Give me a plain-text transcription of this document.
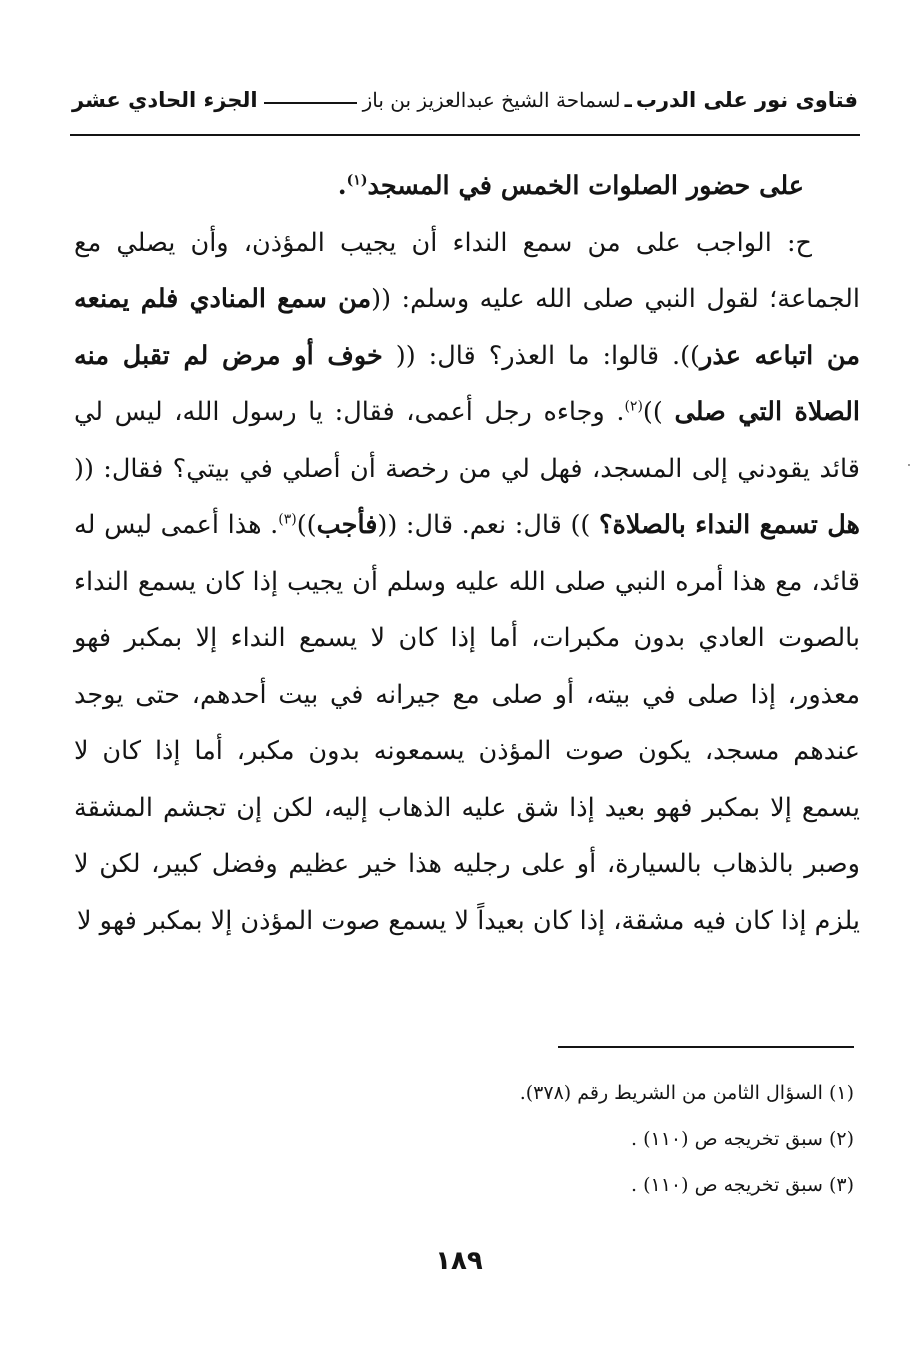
فتاوى نور على الدرب
ـ
لسماحة الشيخ عبدالعزيز بن باز
الجزء الحادي عشر

على حضور الصلوات الخمس في المسجد$^{(١)}$.

ح: الواجب على من سمع النداء أن يجيب المؤذن، وأن يصلي مع الجماعة؛ لقول النبي صلى الله عليه وسلم: ((من سمع المنادي فلم يمنعه من اتباعه عذر)). قالوا: ما العذر؟ قال: (( خوف أو مرض لم تقبل منه الصلاة التي صلى ))$^{(٢)}$. وجاءه رجل أعمى، فقال: يا رسول الله، ليس لي قائد يقودني إلى المسجد، فهل لي من رخصة أن أصلي في بيتي؟ فقال: (( هل تسمع النداء بالصلاة؟ )) قال: نعم. قال: ((فأجب))$^{(٣)}$. هذا أعمى ليس له قائد، مع هذا أمره النبي صلى الله عليه وسلم أن يجيب إذا كان يسمع النداء بالصوت العادي بدون مكبرات، أما إذا كان لا يسمع النداء إلا بمكبر فهو معذور، إذا صلى في بيته، أو صلى مع جيرانه في بيت أحدهم، حتى يوجد عندهم مسجد، يكون صوت المؤذن يسمعونه بدون مكبر، أما إذا كان لا يسمع إلا بمكبر فهو بعيد إذا شق عليه الذهاب إليه، لكن إن تجشم المشقة وصبر بالذهاب بالسيارة، أو على رجليه هذا خير عظيم وفضل كبير، لكن لا يلزم إذا كان فيه مشقة، إذا كان بعيداً لا يسمع صوت المؤذن إلا بمكبر فهو لا

(١) السؤال الثامن من الشريط رقم (٣٧٨).
(٢) سبق تخريجه ص (١١٠) .
(٣) سبق تخريجه ص (١١٠) .
١٨٩
